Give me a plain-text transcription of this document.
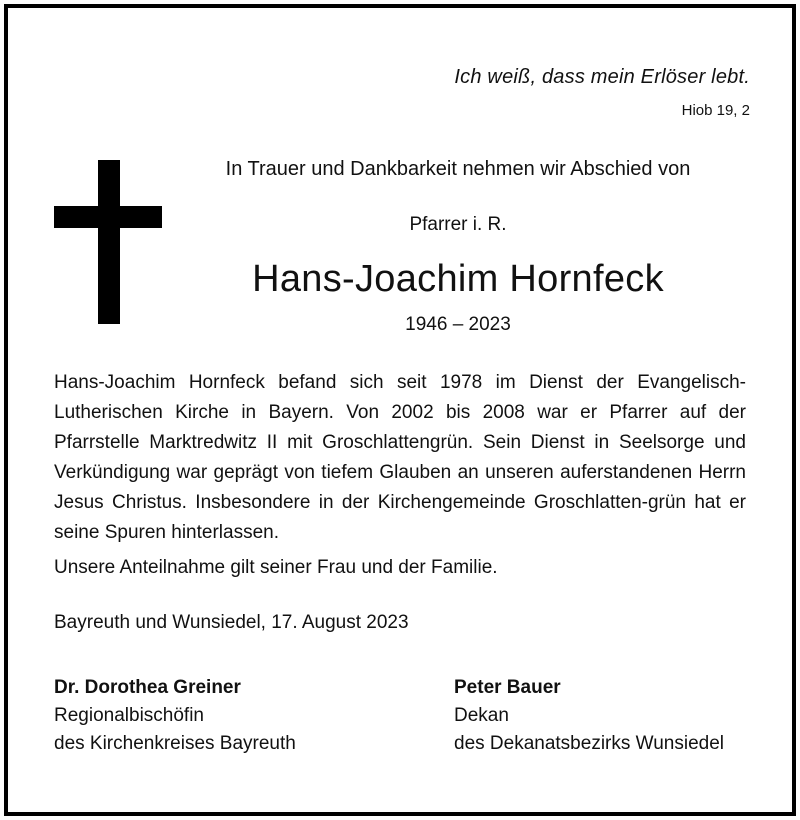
Ich weiß, dass mein Erlöser lebt.
Hiob 19, 2
In Trauer und Dankbarkeit nehmen wir Abschied von
Pfarrer i. R.
Hans-Joachim Hornfeck
1946 – 2023
Hans-Joachim Hornfeck befand sich seit 1978 im Dienst der Evangelisch-Lutherischen Kirche in Bayern. Von 2002 bis 2008 war er Pfarrer auf der Pfarrstelle Marktredwitz II mit Groschlattengrün. Sein Dienst in Seelsorge und Verkündigung war geprägt von tiefem Glauben an unseren auferstandenen Herrn Jesus Christus. Insbesondere in der Kirchengemeinde Groschlatten-grün hat er seine Spuren hinterlassen.
Unsere Anteilnahme gilt seiner Frau und der Familie.
Bayreuth und Wunsiedel, 17. August 2023
Dr. Dorothea Greiner
Regionalbischöfin
des Kirchenkreises Bayreuth
Peter Bauer
Dekan
des Dekanatsbezirks Wunsiedel
